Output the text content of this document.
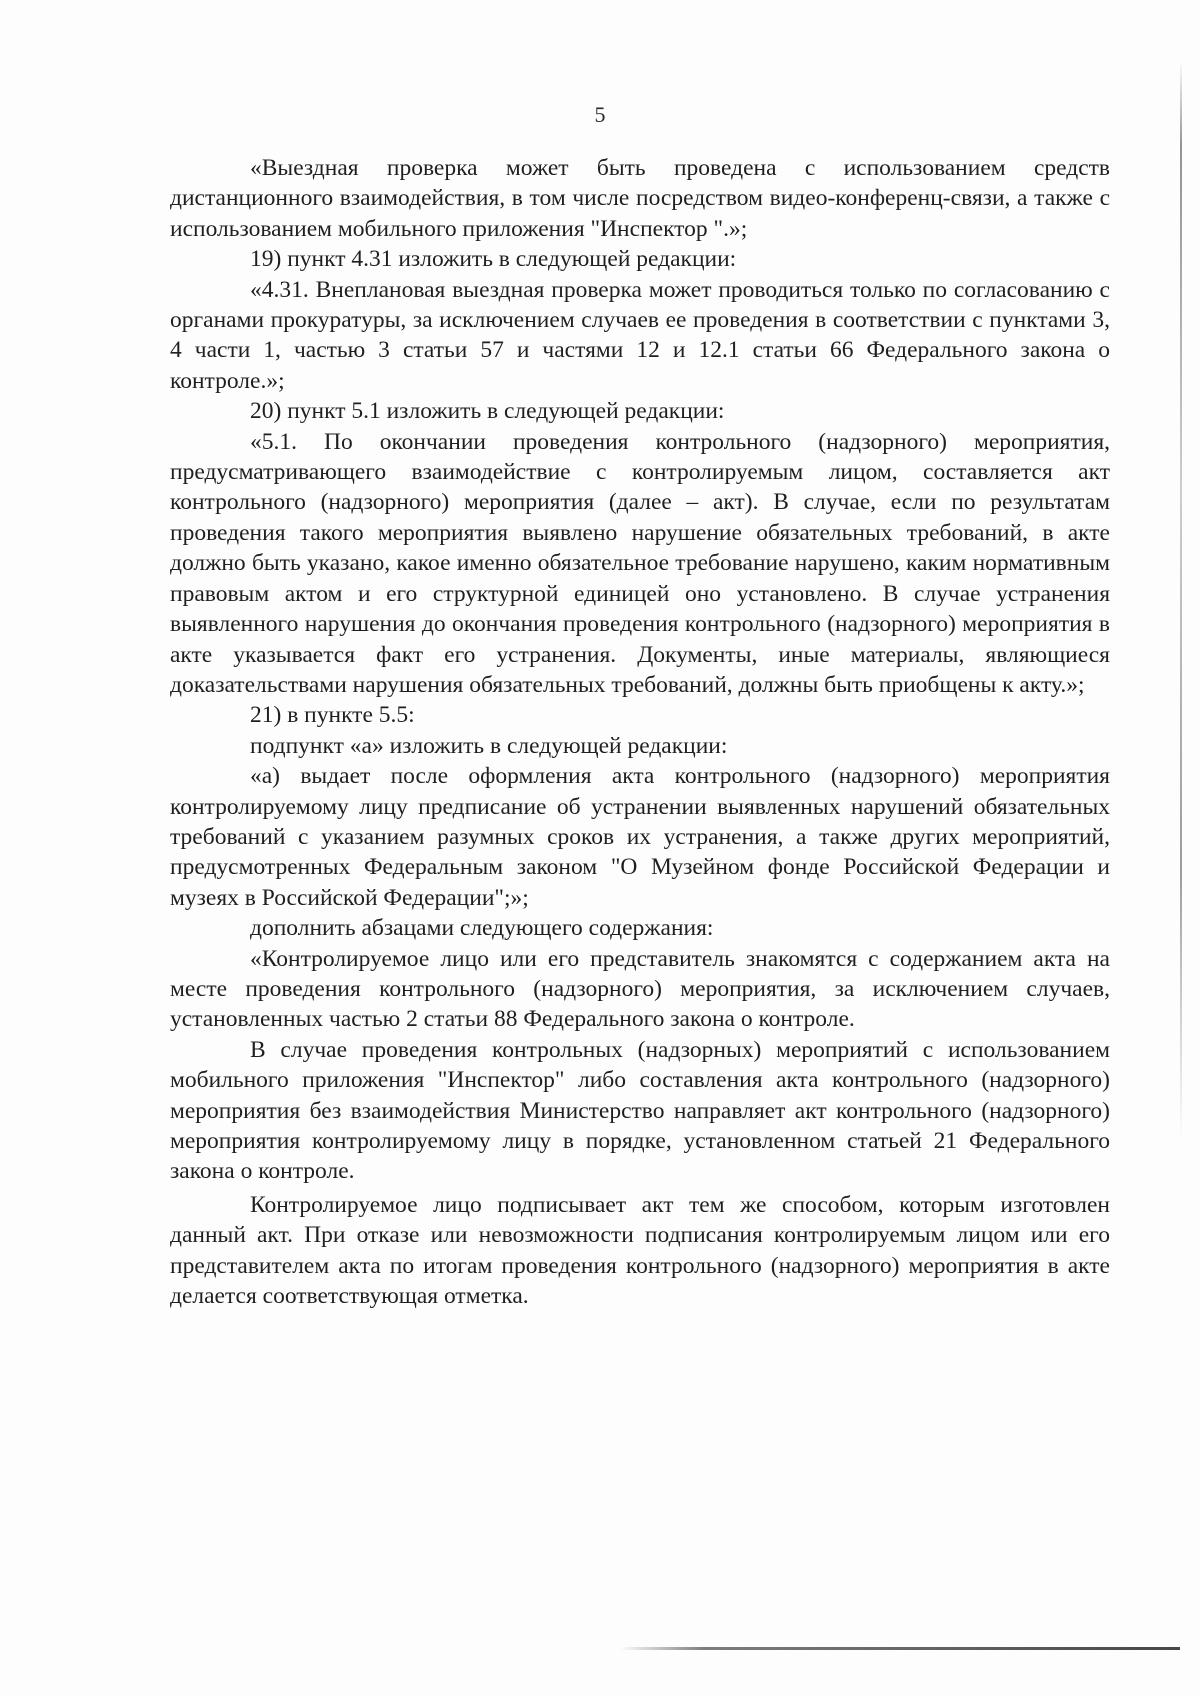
5

«Выездная проверка может быть проведена с использованием средств дистанционного взаимодействия, в том числе посредством видео-конференц-связи, а также с использованием мобильного приложения "Инспектор ".»;

19) пункт 4.31 изложить в следующей редакции:

«4.31. Внеплановая выездная проверка может проводиться только по согласованию с органами прокуратуры, за исключением случаев ее проведения в соответствии с пунктами 3, 4 части 1, частью 3 статьи 57 и частями 12 и 12.1 статьи 66 Федерального закона о контроле.»;

20) пункт 5.1 изложить в следующей редакции:

«5.1. По окончании проведения контрольного (надзорного) мероприятия, предусматривающего взаимодействие с контролируемым лицом, составляется акт контрольного (надзорного) мероприятия (далее – акт). В случае, если по результатам проведения такого мероприятия выявлено нарушение обязательных требований, в акте должно быть указано, какое именно обязательное требование нарушено, каким нормативным правовым актом и его структурной единицей оно установлено. В случае устранения выявленного нарушения до окончания проведения контрольного (надзорного) мероприятия в акте указывается факт его устранения. Документы, иные материалы, являющиеся доказательствами нарушения обязательных требований, должны быть приобщены к акту.»;

21) в пункте 5.5:

подпункт «а» изложить в следующей редакции:

«а) выдает после оформления акта контрольного (надзорного) мероприятия контролируемому лицу предписание об устранении выявленных нарушений обязательных требований с указанием разумных сроков их устранения, а также других мероприятий, предусмотренных Федеральным законом "О Музейном фонде Российской Федерации и музеях в Российской Федерации";»;

дополнить абзацами следующего содержания:

«Контролируемое лицо или его представитель знакомятся с содержанием акта на месте проведения контрольного (надзорного) мероприятия, за исключением случаев, установленных частью 2 статьи 88 Федерального закона о контроле.

В случае проведения контрольных (надзорных) мероприятий с использованием мобильного приложения "Инспектор" либо составления акта контрольного (надзорного) мероприятия без взаимодействия Министерство направляет акт контрольного (надзорного) мероприятия контролируемому лицу в порядке, установленном статьей 21 Федерального закона о контроле.

Контролируемое лицо подписывает акт тем же способом, которым изготовлен данный акт. При отказе или невозможности подписания контролируемым лицом или его представителем акта по итогам проведения контрольного (надзорного) мероприятия в акте делается соответствующая отметка.
